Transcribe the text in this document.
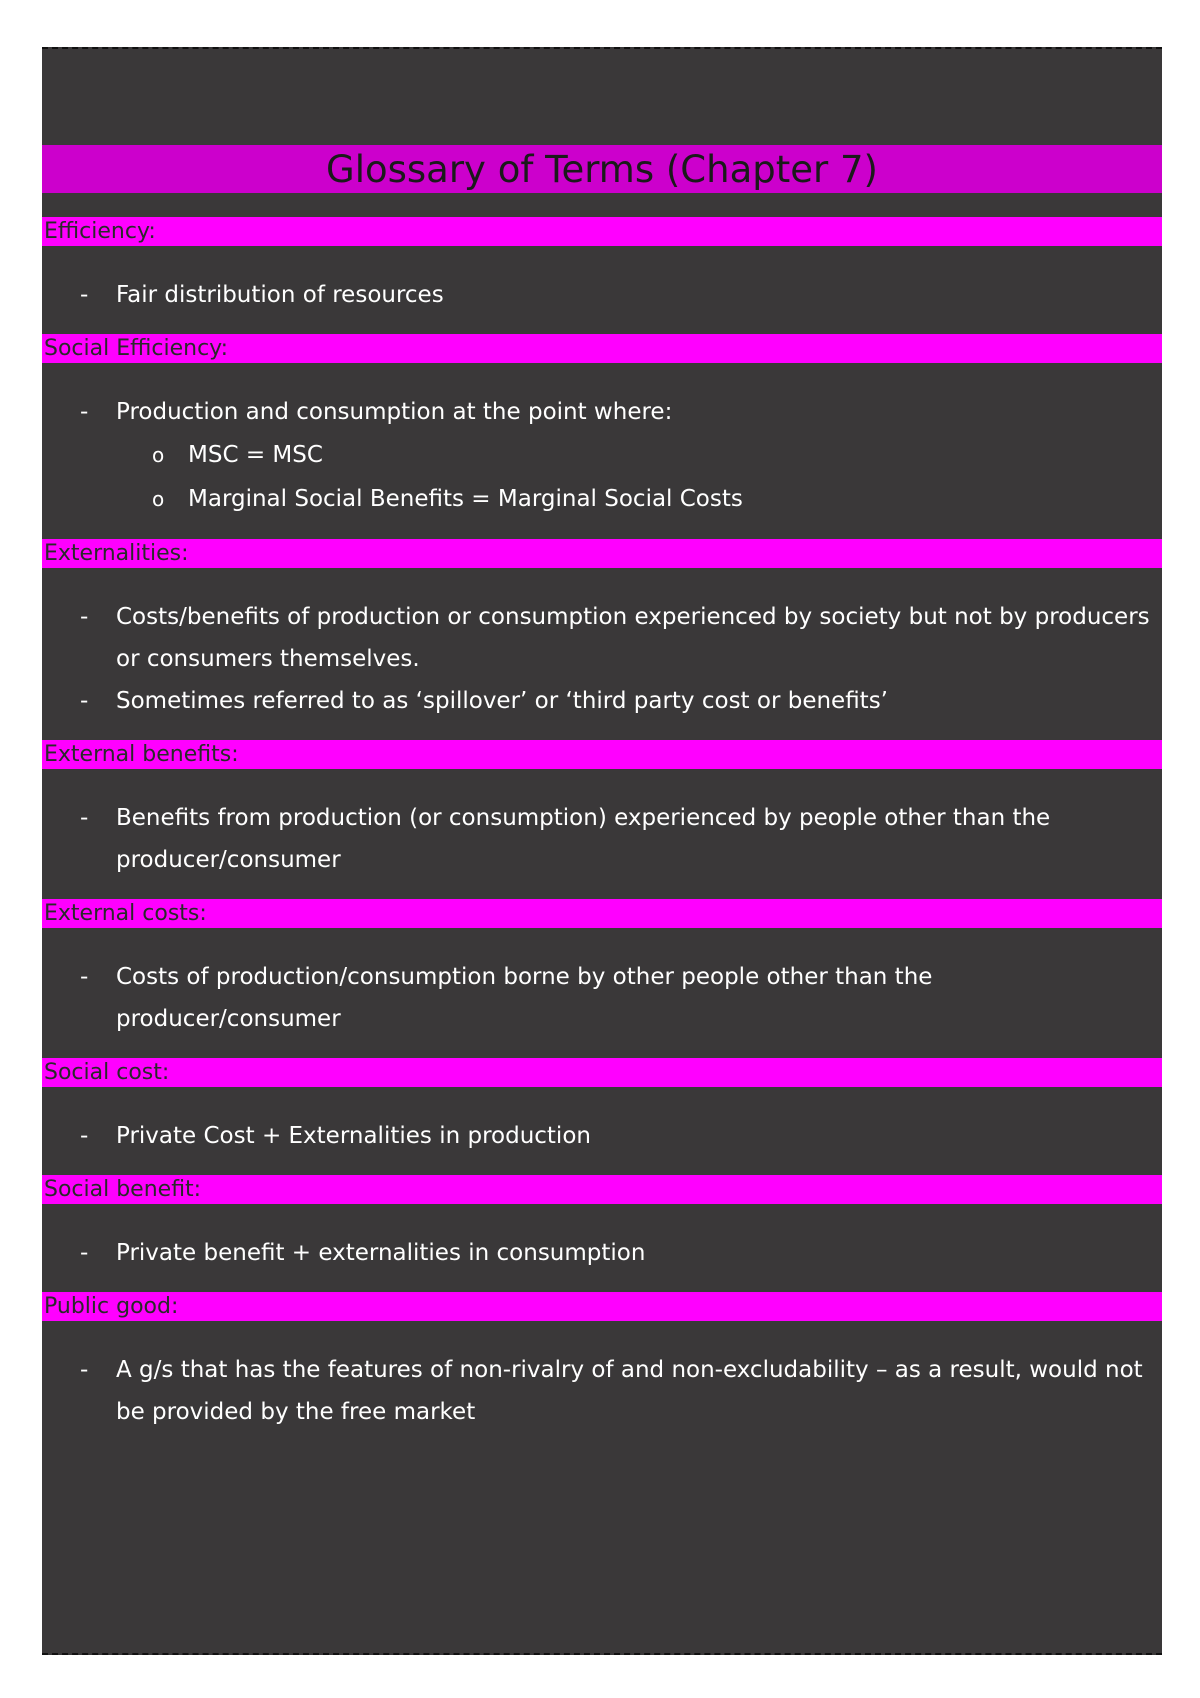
Glossary of Terms (Chapter 7)
Efficiency:
-	Fair distribution of resources
Social Efficiency:
-	Production and consumption at the point where:
o	MSC = MSC
o	Marginal Social Benefits = Marginal Social Costs
Externalities:
-	Costs/benefits of production or consumption experienced by society but not by producers or consumers themselves.
-	Sometimes referred to as ‘spillover’ or ‘third party cost or benefits’
External benefits:
-	Benefits from production (or consumption) experienced by people other than the producer/consumer
External costs:
-	Costs of production/consumption borne by other people other than the producer/consumer
Social cost:
-	Private Cost + Externalities in production
Social benefit:
-	Private benefit + externalities in consumption
Public good:
-	A g/s that has the features of non-rivalry of and non-excludability – as a result, would not be provided by the free market
